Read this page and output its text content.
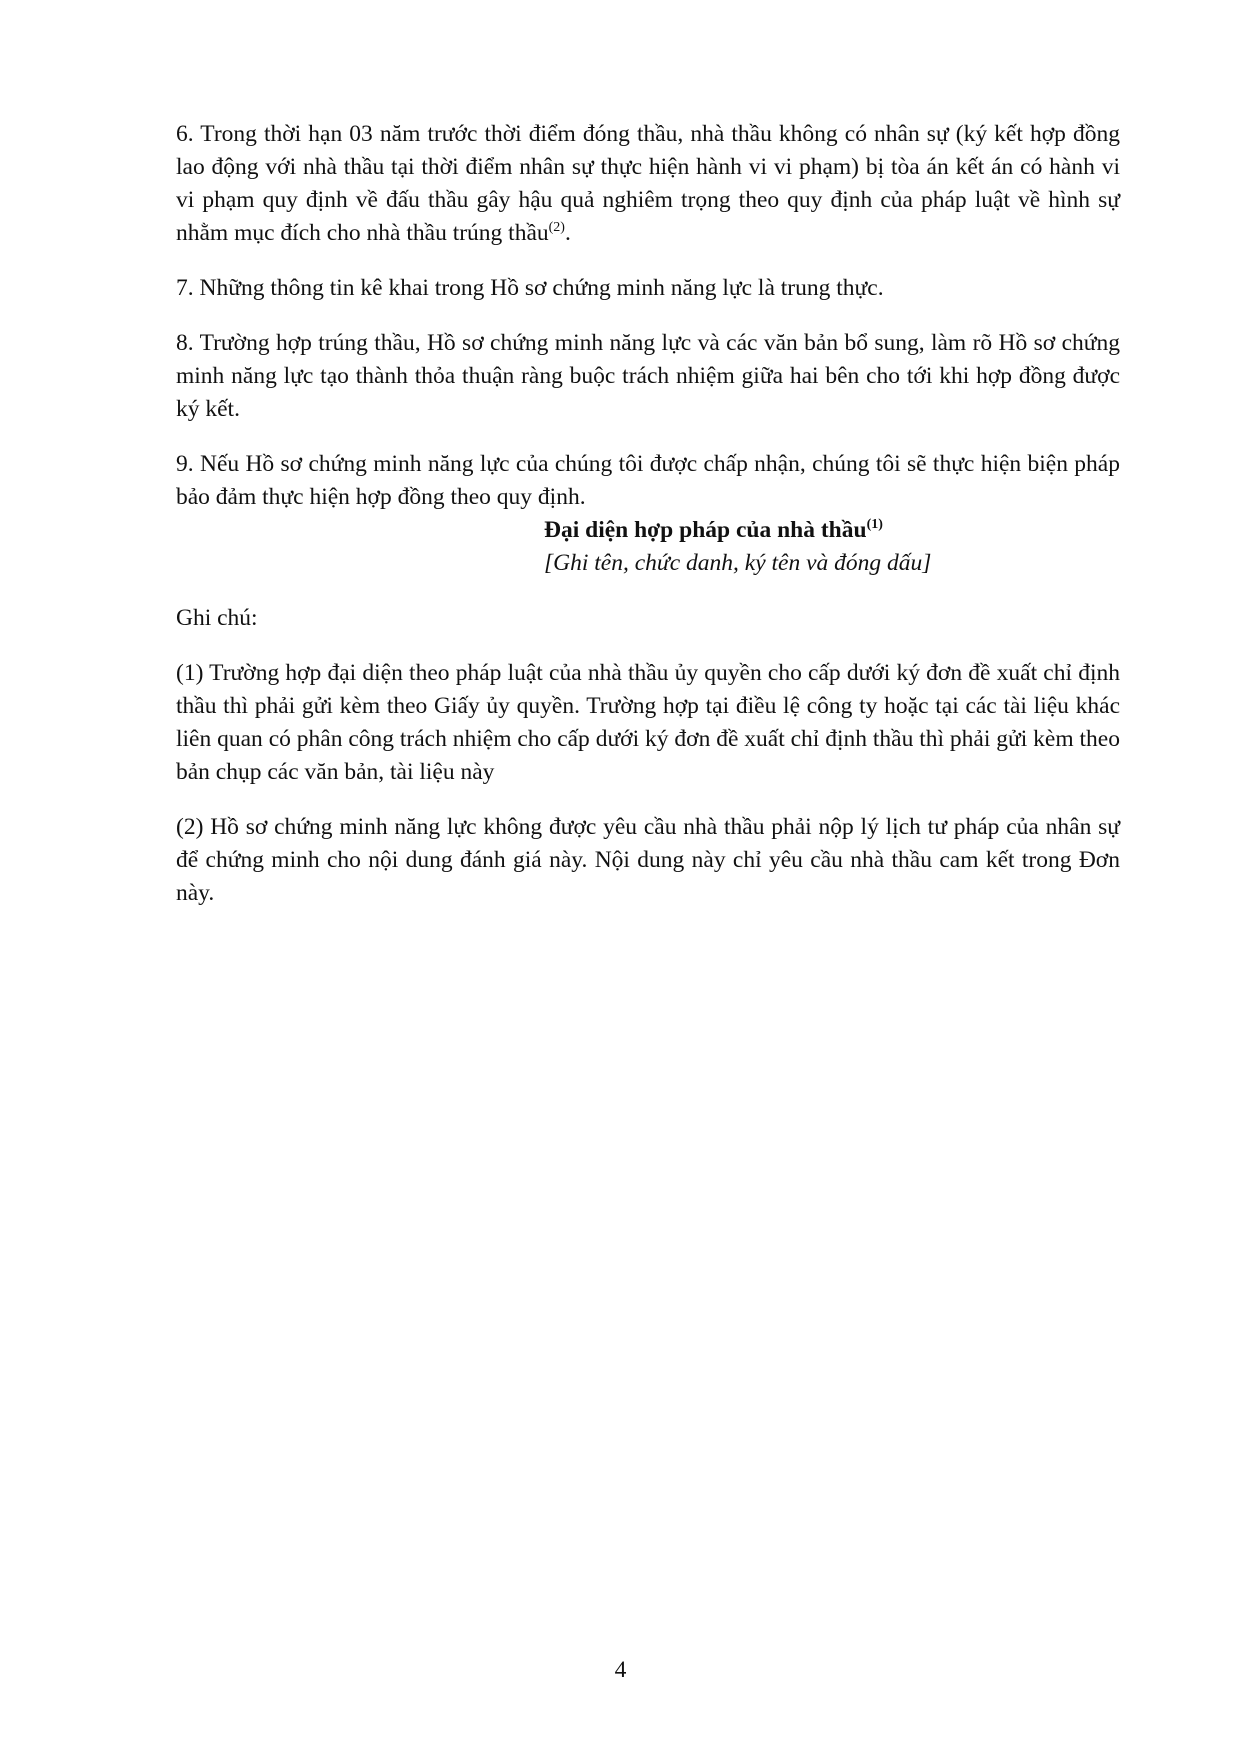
6. Trong thời hạn 03 năm trước thời điểm đóng thầu, nhà thầu không có nhân sự (ký kết hợp đồng lao động với nhà thầu tại thời điểm nhân sự thực hiện hành vi vi phạm) bị tòa án kết án có hành vi vi phạm quy định về đấu thầu gây hậu quả nghiêm trọng theo quy định của pháp luật về hình sự nhằm mục đích cho nhà thầu trúng thầu$^{(2)}$.

7. Những thông tin kê khai trong Hồ sơ chứng minh năng lực là trung thực.

8. Trường hợp trúng thầu, Hồ sơ chứng minh năng lực và các văn bản bổ sung, làm rõ Hồ sơ chứng minh năng lực tạo thành thỏa thuận ràng buộc trách nhiệm giữa hai bên cho tới khi hợp đồng được ký kết.

9. Nếu Hồ sơ chứng minh năng lực của chúng tôi được chấp nhận, chúng tôi sẽ thực hiện biện pháp bảo đảm thực hiện hợp đồng theo quy định.

Đại diện hợp pháp của nhà thầu$^{(1)}$
[Ghi tên, chức danh, ký tên và đóng dấu]

Ghi chú:

(1) Trường hợp đại diện theo pháp luật của nhà thầu ủy quyền cho cấp dưới ký đơn đề xuất chỉ định thầu thì phải gửi kèm theo Giấy ủy quyền. Trường hợp tại điều lệ công ty hoặc tại các tài liệu khác liên quan có phân công trách nhiệm cho cấp dưới ký đơn đề xuất chỉ định thầu thì phải gửi kèm theo bản chụp các văn bản, tài liệu này

(2) Hồ sơ chứng minh năng lực không được yêu cầu nhà thầu phải nộp lý lịch tư pháp của nhân sự để chứng minh cho nội dung đánh giá này. Nội dung này chỉ yêu cầu nhà thầu cam kết trong Đơn này.

4
